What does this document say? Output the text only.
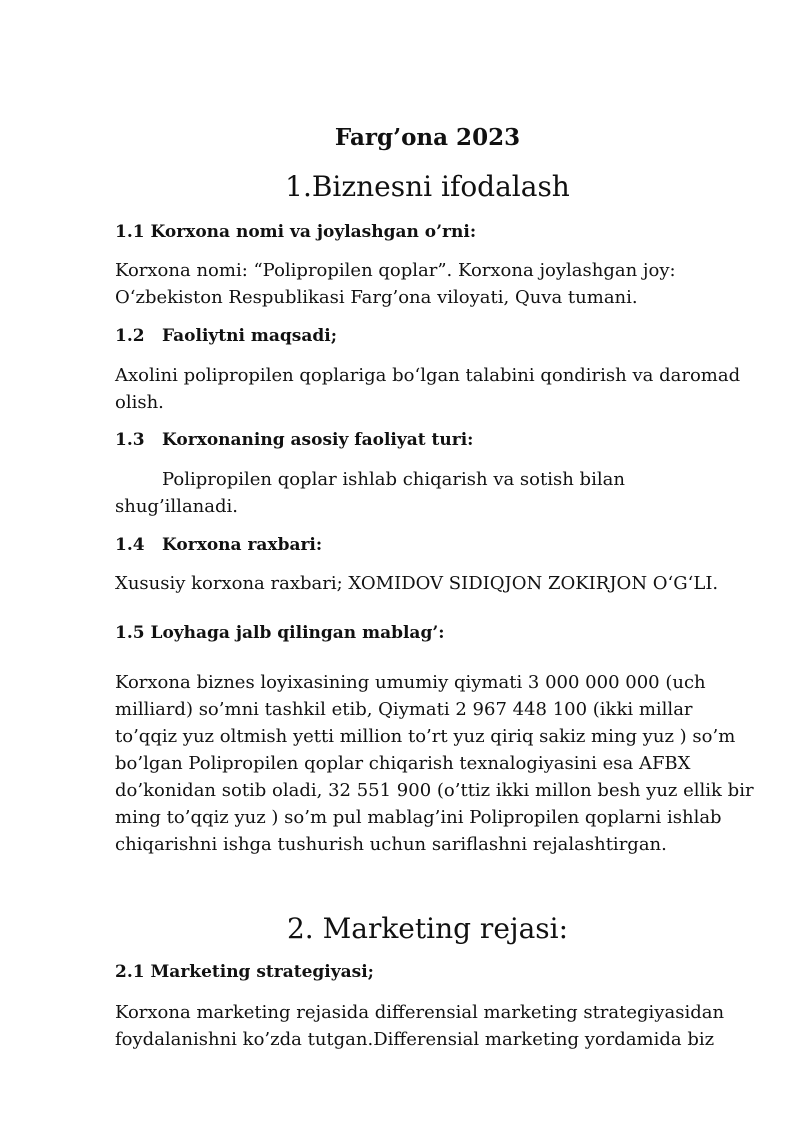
Farg’ona 2023
1.Biznesni ifodalash
1.1 Korxona nomi va joylashgan o’rni:
Korxona nomi: “Polipropilen qoplar”. Korxona joylashgan joy:
O‘zbekiston Respublikasi Farg’ona viloyati, Quva tumani.
1.2 Faoliytni maqsadi;
Axolini polipropilen qoplariga bo‘lgan talabini qondirish va daromad
olish.
1.3 Korxonaning asosiy faoliyat turi:
Polipropilen qoplar ishlab chiqarish va sotish bilan
shug’illanadi.
1.4 Korxona raxbari:
Xususiy korxona raxbari; XOMIDOV SIDIQJON ZOKIRJON O‘G‘LI.
1.5 Loyhaga jalb qilingan mablag’:
Korxona biznes loyixasining umumiy qiymati 3 000 000 000 (uch
milliard) so’mni tashkil etib, Qiymati 2 967 448 100 (ikki millar
to’qqiz yuz oltmish yetti million to’rt yuz qiriq sakiz ming yuz ) so’m
bo’lgan Polipropilen qoplar chiqarish texnalogiyasini esa AFBX
do’konidan sotib oladi, 32 551 900 (o’ttiz ikki millon besh yuz ellik bir
ming to’qqiz yuz ) so’m pul mablag’ini Polipropilen qoplarni ishlab
chiqarishni ishga tushurish uchun sariflashni rejalashtirgan.
2. Marketing rejasi:
2.1 Marketing strategiyasi;
Korxona marketing rejasida differensial marketing strategiyasidan
foydalanishni ko’zda tutgan.Differensial marketing yordamida biz
